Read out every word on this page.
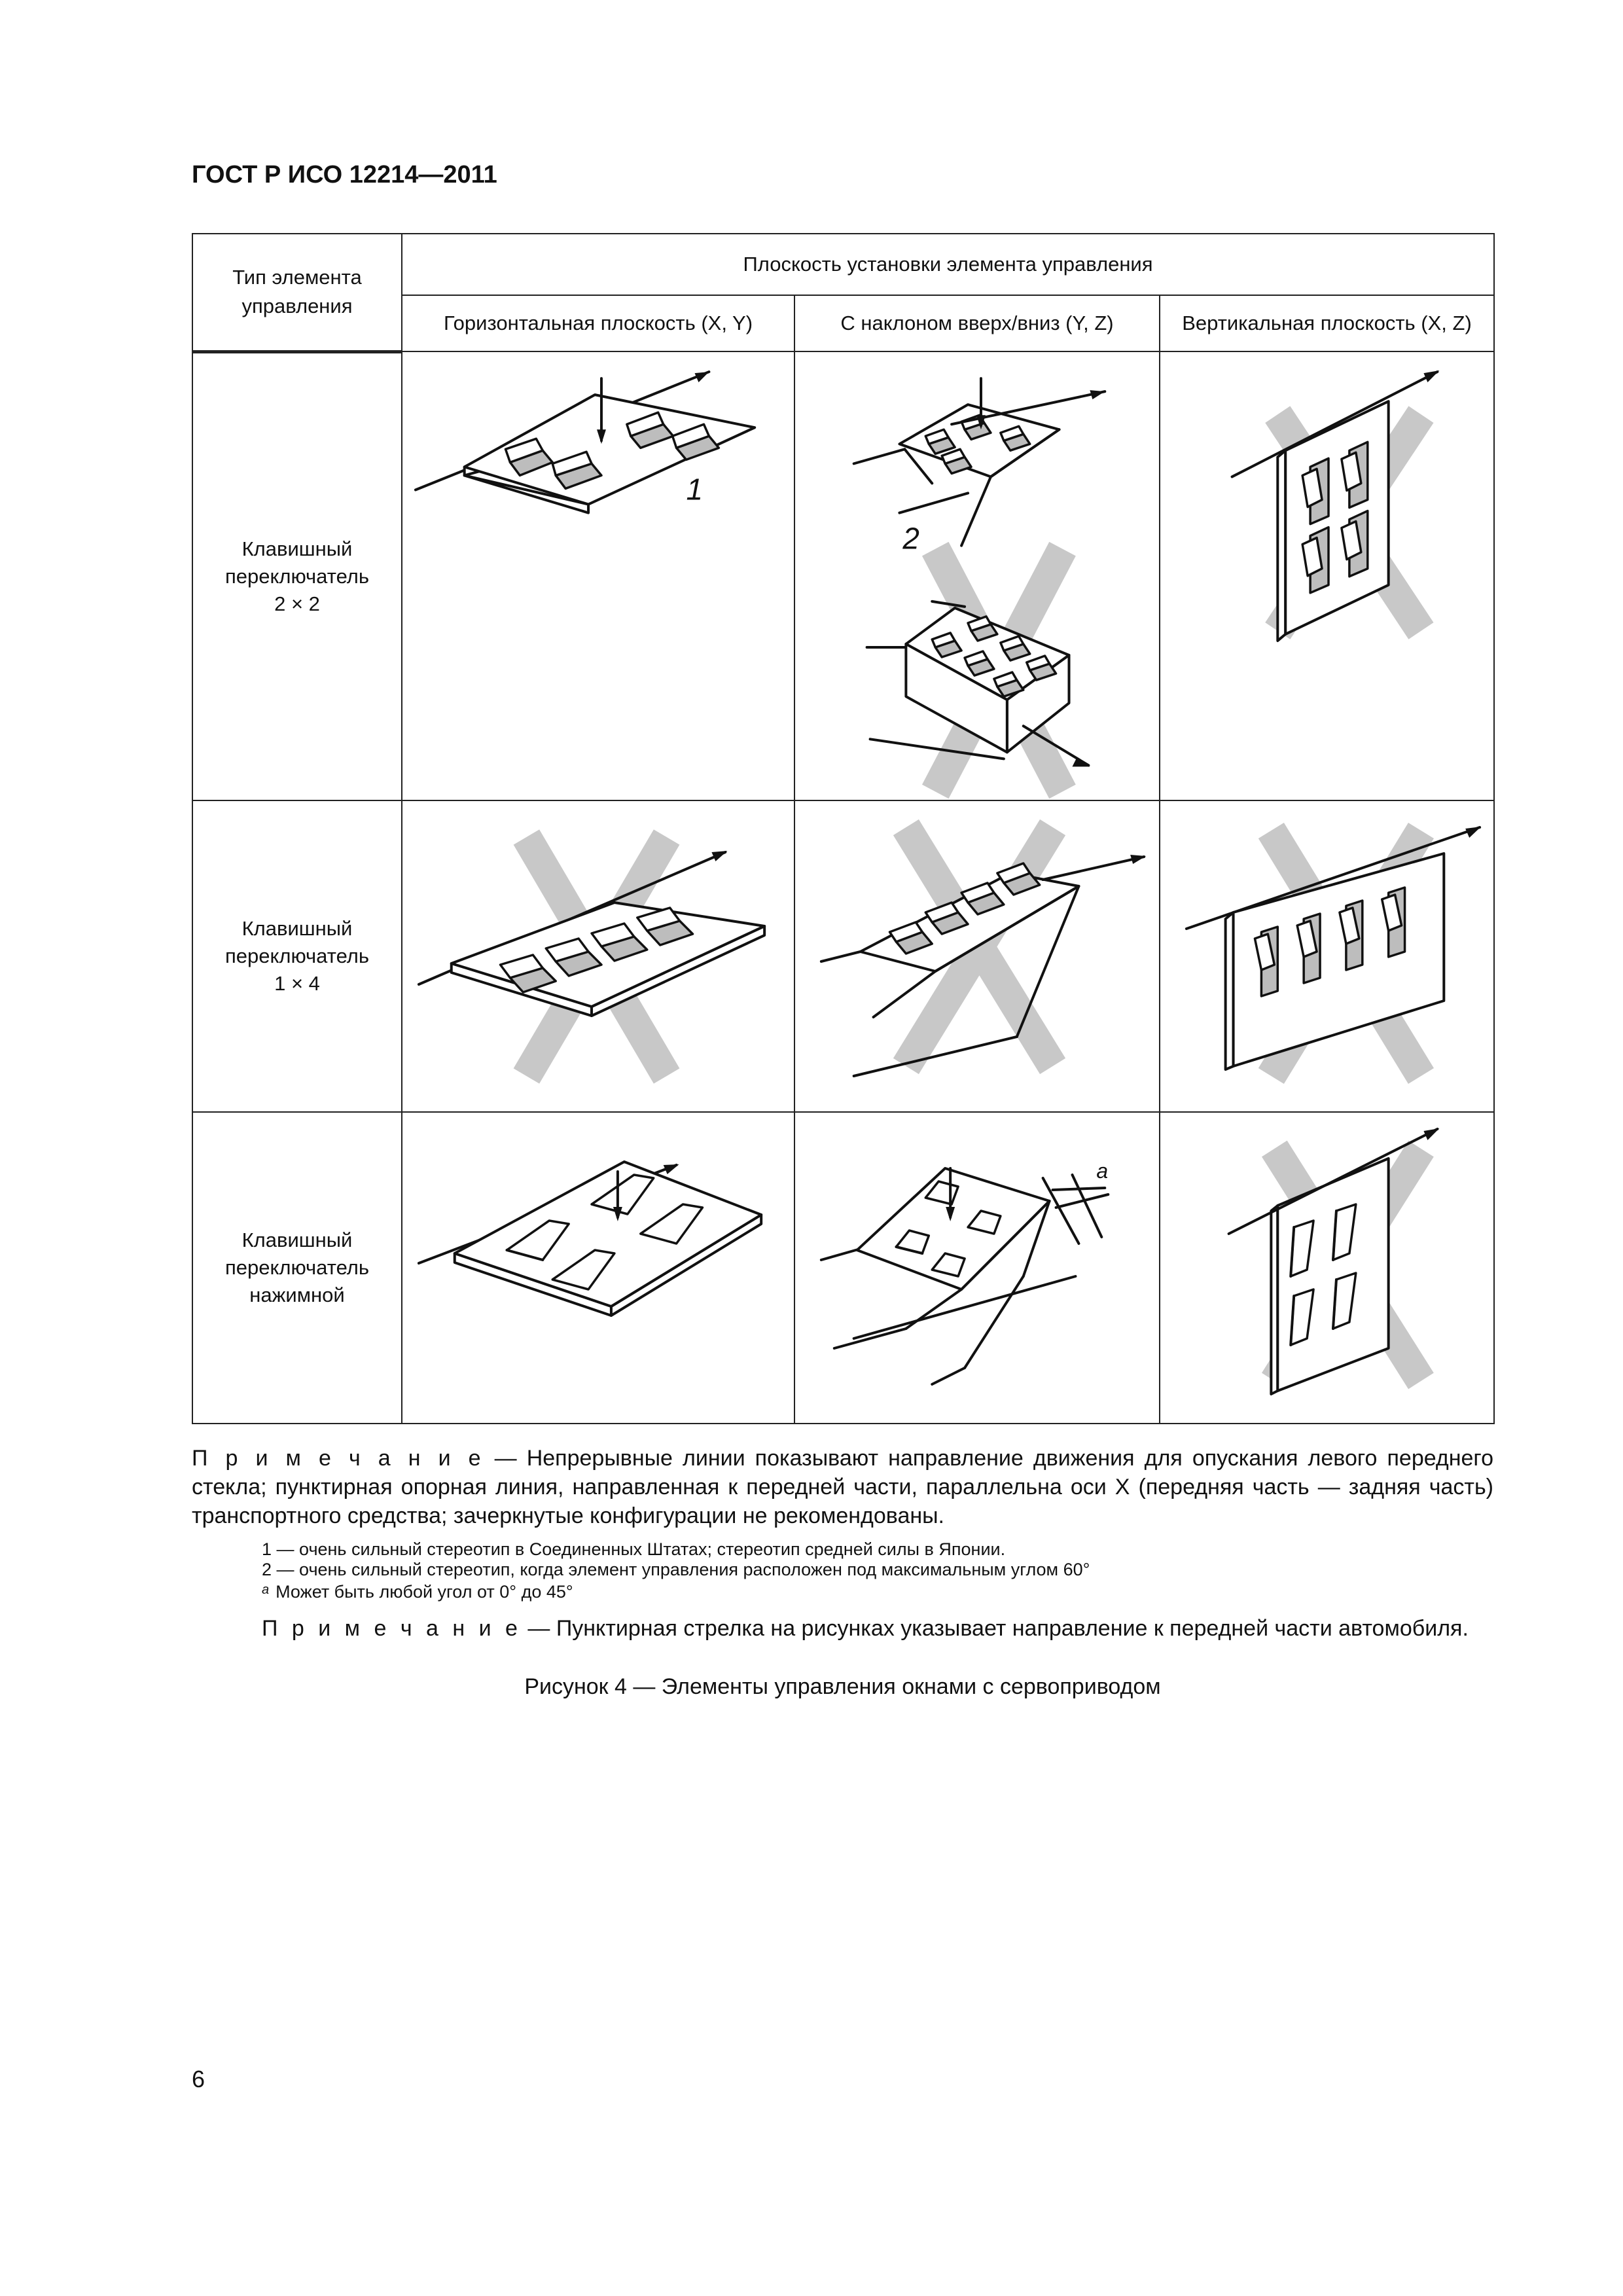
ГОСТ Р ИСО 12214—2011
Тип элемента управления	Плоскость установки элемента управления		
	Горизонтальная плоскость (X, Y)	С наклоном вверх/вниз (Y, Z)	Вертикальная плоскость (X, Z)

Клавишный
переключатель
2 × 2	1	2

Клавишный
переключатель
1 × 4

Клавишный
переключатель
нажимной		a

П р и м е ч а н и е — Непрерывные линии показывают направление движения для опускания левого переднего стекла; пунктирная опорная линия, направленная к передней части, параллельна оси X (передняя часть — задняя часть) транспортного средства; зачеркнутые конфигурации не рекомендованы.
1 — очень сильный стереотип в Соединенных Штатах; стереотип средней силы в Японии.
2 — очень сильный стереотип, когда элемент управления расположен под максимальным углом 60°
$^a$ Может быть любой угол от 0° до 45°
П р и м е ч а н и е — Пунктирная стрелка на рисунках указывает направление к передней части автомобиля.
Рисунок 4 — Элементы управления окнами с сервоприводом
6
